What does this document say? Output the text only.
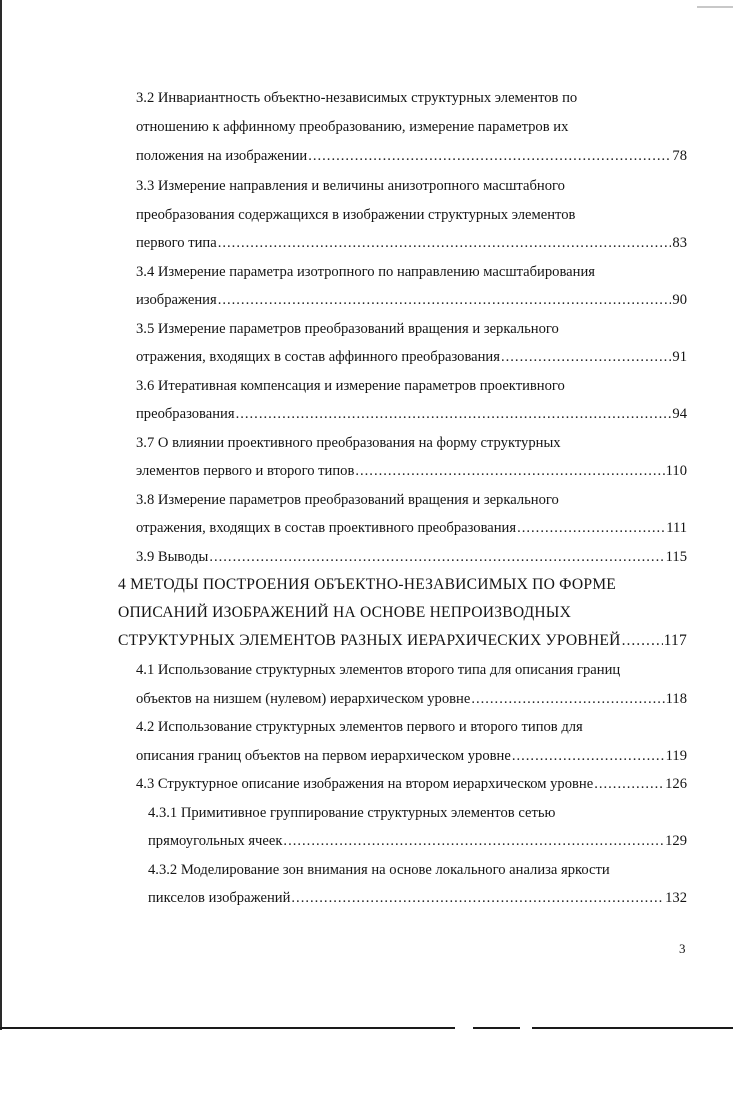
3.2 Инвариантность объектно-независимых структурных элементов по
отношению к аффинному преобразованию, измерение параметров их
положения на изображении .....	78
3.3 Измерение направления и величины анизотропного масштабного
преобразования содержащихся в изображении структурных элементов
первого типа .....	83
3.4 Измерение параметра изотропного по направлению масштабирования
изображения .....	90
3.5 Измерение параметров преобразований вращения и зеркального
отражения, входящих в состав аффинного преобразования .....	91
3.6 Итеративная компенсация и измерение параметров проективного
преобразования .....	94
3.7 О влиянии проективного преобразования на форму структурных
элементов первого и второго типов .....	110
3.8 Измерение параметров преобразований вращения и зеркального
отражения, входящих в состав проективного преобразования .....	111
3.9 Выводы .....	115
4 МЕТОДЫ ПОСТРОЕНИЯ ОБЪЕКТНО-НЕЗАВИСИМЫХ ПО ФОРМЕ
ОПИСАНИЙ ИЗОБРАЖЕНИЙ НА ОСНОВЕ НЕПРОИЗВОДНЫХ
СТРУКТУРНЫХ ЭЛЕМЕНТОВ РАЗНЫХ ИЕРАРХИЧЕСКИХ УРОВНЕЙ .....	117
4.1 Использование структурных элементов второго типа для описания границ
объектов на низшем (нулевом) иерархическом уровне .....	118
4.2 Использование структурных элементов первого и второго типов для
описания границ объектов на первом иерархическом уровне .....	119
4.3 Структурное описание изображения на втором иерархическом уровне .....	126
4.3.1 Примитивное группирование структурных элементов сетью
прямоугольных ячеек .....	129
4.3.2 Моделирование зон внимания на основе локального анализа яркости
пикселов изображений .....	132
3
